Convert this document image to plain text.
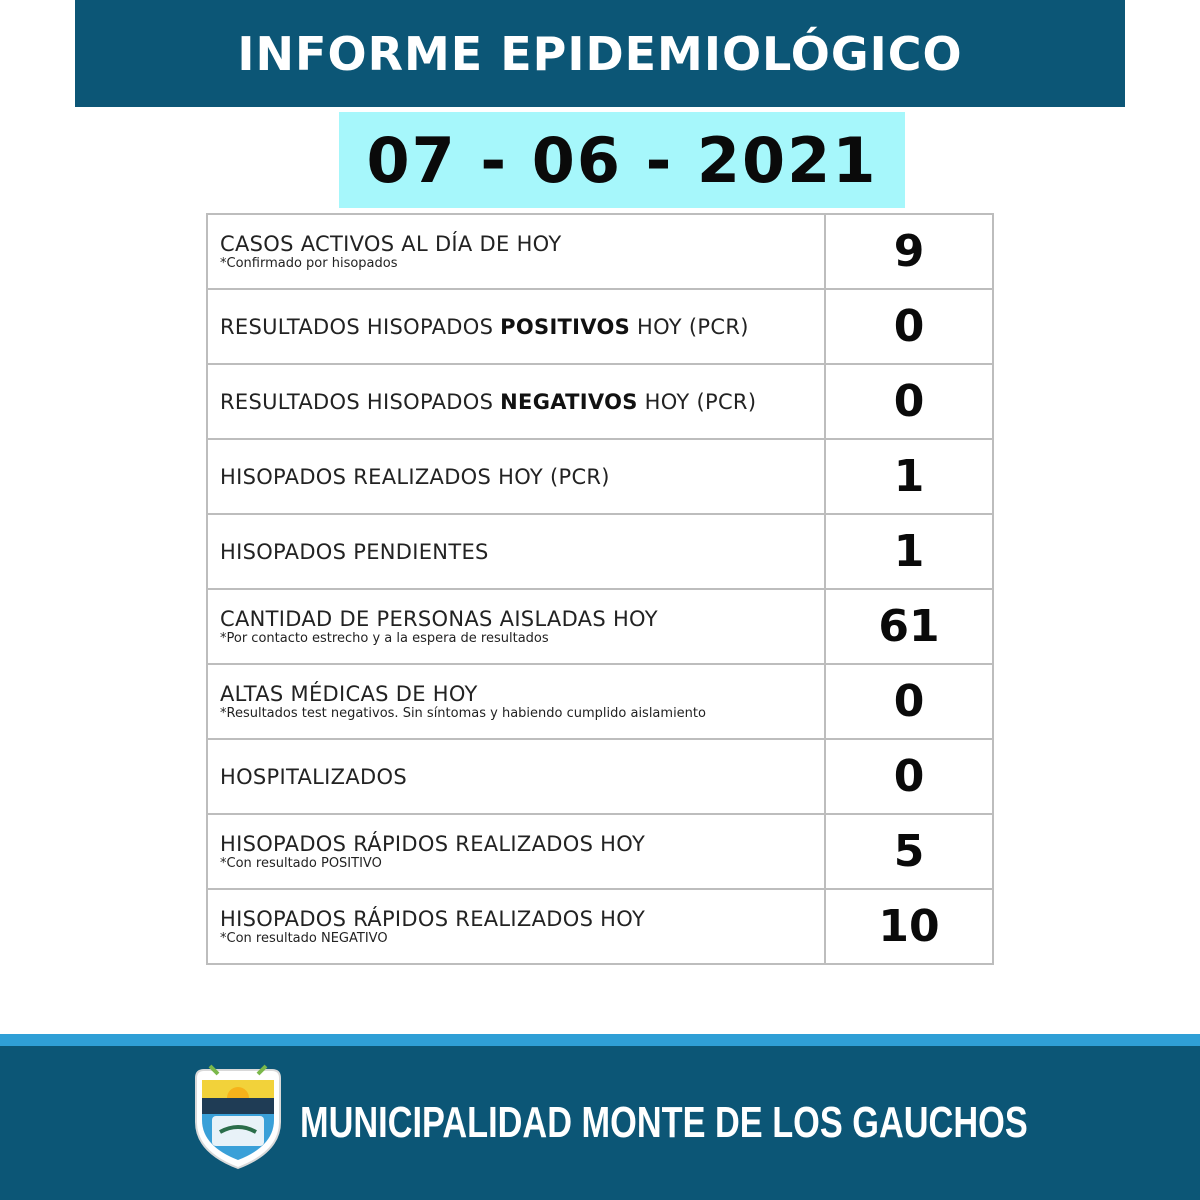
INFORME EPIDEMIOLÓGICO
07 - 06 - 2021
CASOS ACTIVOS AL DÍA DE HOY
*Confirmado por hisopados	9

RESULTADOS HISOPADOS POSITIVOS HOY (PCR)	0

RESULTADOS HISOPADOS NEGATIVOS HOY (PCR)	0

HISOPADOS REALIZADOS HOY (PCR)	1

HISOPADOS PENDIENTES	1

CANTIDAD DE PERSONAS AISLADAS HOY
*Por contacto estrecho y a la espera de resultados	61

ALTAS MÉDICAS DE HOY
*Resultados test negativos. Sin síntomas y habiendo cumplido aislamiento	0

HOSPITALIZADOS	0

HISOPADOS RÁPIDOS REALIZADOS HOY
*Con resultado POSITIVO	5

HISOPADOS RÁPIDOS REALIZADOS HOY
*Con resultado NEGATIVO	10
MUNICIPALIDAD MONTE DE LOS GAUCHOS
